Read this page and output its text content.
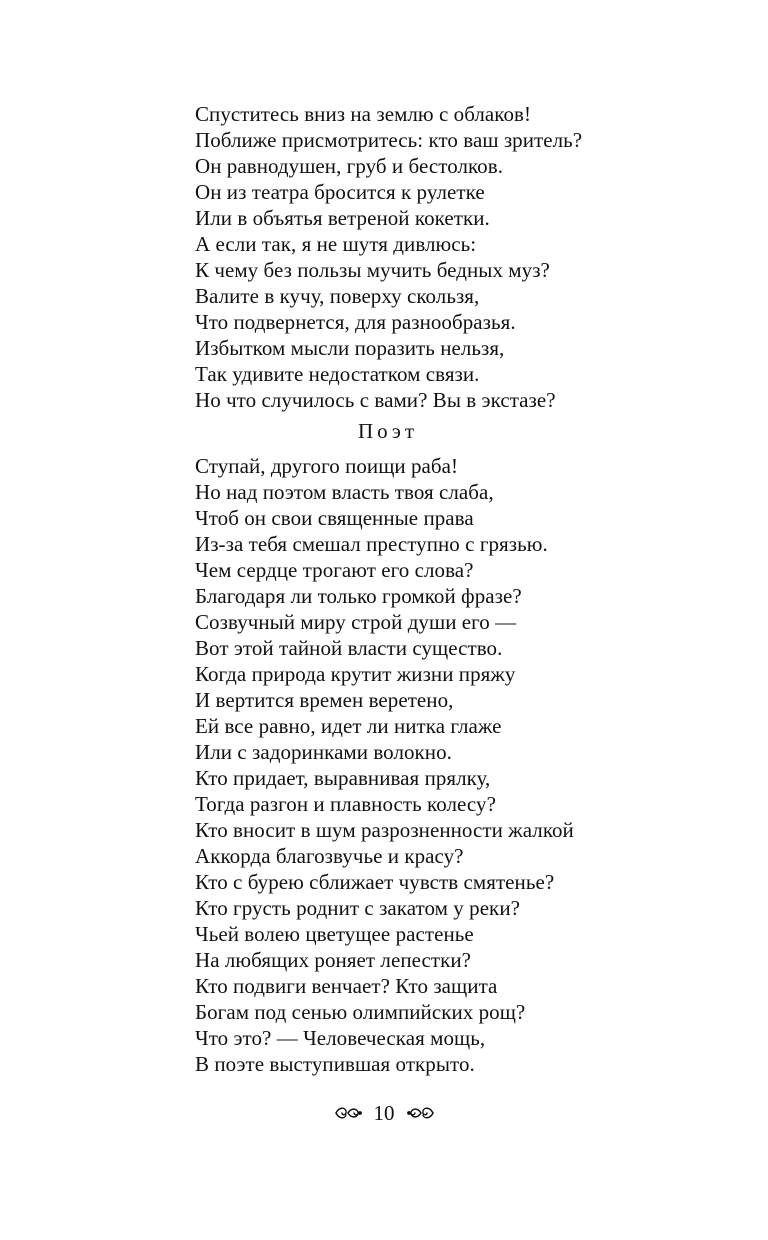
Спуститесь вниз на землю с облаков!
Поближе присмотритесь: кто ваш зритель?
Он равнодушен, груб и бестолков.
Он из театра бросится к рулетке
Или в объятья ветреной кокетки.
А если так, я не шутя дивлюсь:
К чему без пользы мучить бедных муз?
Валите в кучу, поверху скользя,
Что подвернется, для разнообразья.
Избытком мысли поразить нельзя,
Так удивите недостатком связи.
Но что случилось с вами? Вы в экстазе?
Поэт
Ступай, другого поищи раба!
Но над поэтом власть твоя слаба,
Чтоб он свои священные права
Из-за тебя смешал преступно с грязью.
Чем сердце трогают его слова?
Благодаря ли только громкой фразе?
Созвучный миру строй души его —
Вот этой тайной власти существо.
Когда природа крутит жизни пряжу
И вертится времен веретено,
Ей все равно, идет ли нитка глаже
Или с задоринками волокно.
Кто придает, выравнивая прялку,
Тогда разгон и плавность колесу?
Кто вносит в шум разрозненности жалкой
Аккорда благозвучье и красу?
Кто с бурею сближает чувств смятенье?
Кто грусть роднит с закатом у реки?
Чьей волею цветущее растенье
На любящих роняет лепестки?
Кто подвиги венчает? Кто защита
Богам под сенью олимпийских рощ?
Что это? — Человеческая мощь,
В поэте выступившая открыто.
10
